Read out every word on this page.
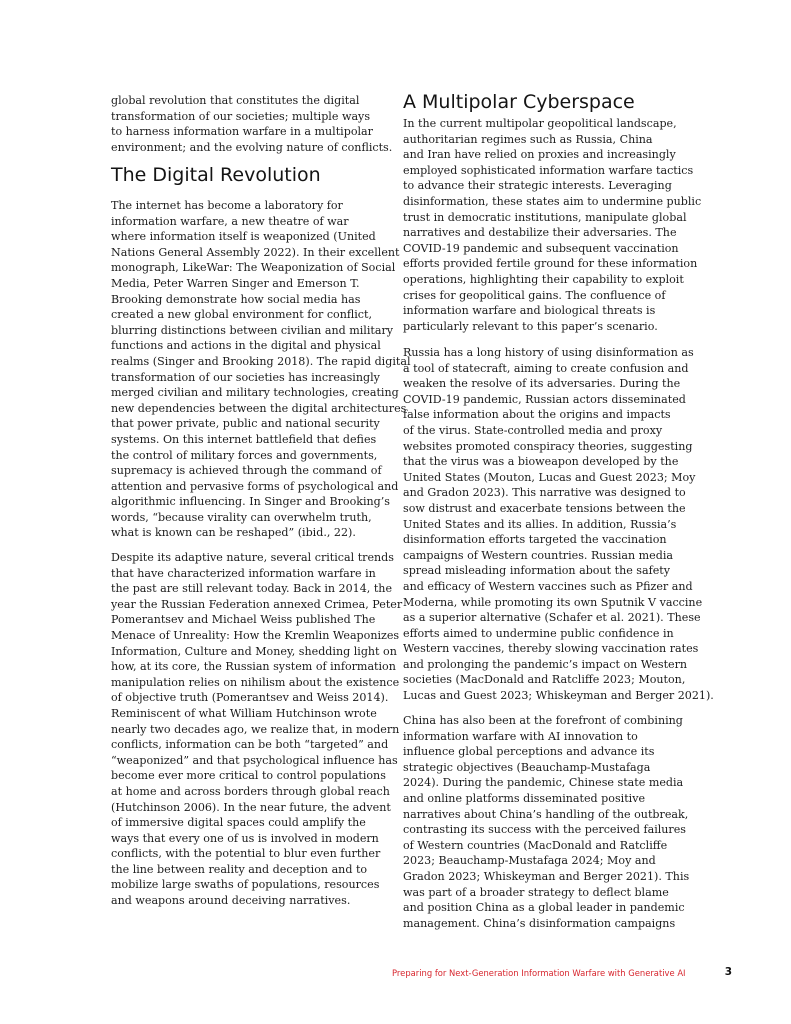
global revolution that constitutes the digital
transformation of our societies; multiple ways
to harness information warfare in a multipolar
environment; and the evolving nature of conflicts.

The Digital Revolution

The internet has become a laboratory for
information warfare, a new theatre of war
where information itself is weaponized (United
Nations General Assembly 2022). In their excellent
monograph, LikeWar: The Weaponization of Social
Media, Peter Warren Singer and Emerson T.
Brooking demonstrate how social media has
created a new global environment for conflict,
blurring distinctions between civilian and military
functions and actions in the digital and physical
realms (Singer and Brooking 2018). The rapid digital
transformation of our societies has increasingly
merged civilian and military technologies, creating
new dependencies between the digital architectures
that power private, public and national security
systems. On this internet battlefield that defies
the control of military forces and governments,
supremacy is achieved through the command of
attention and pervasive forms of psychological and
algorithmic influencing. In Singer and Brooking’s
words, “because virality can overwhelm truth,
what is known can be reshaped” (ibid., 22).

Despite its adaptive nature, several critical trends
that have characterized information warfare in
the past are still relevant today. Back in 2014, the
year the Russian Federation annexed Crimea, Peter
Pomerantsev and Michael Weiss published The
Menace of Unreality: How the Kremlin Weaponizes
Information, Culture and Money, shedding light on
how, at its core, the Russian system of information
manipulation relies on nihilism about the existence
of objective truth (Pomerantsev and Weiss 2014).
Reminiscent of what William Hutchinson wrote
nearly two decades ago, we realize that, in modern
conflicts, information can be both “targeted” and
“weaponized” and that psychological influence has
become ever more critical to control populations
at home and across borders through global reach
(Hutchinson 2006). In the near future, the advent
of immersive digital spaces could amplify the
ways that every one of us is involved in modern
conflicts, with the potential to blur even further
the line between reality and deception and to
mobilize large swaths of populations, resources
and weapons around deceiving narratives.

A Multipolar Cyberspace

In the current multipolar geopolitical landscape,
authoritarian regimes such as Russia, China
and Iran have relied on proxies and increasingly
employed sophisticated information warfare tactics
to advance their strategic interests. Leveraging
disinformation, these states aim to undermine public
trust in democratic institutions, manipulate global
narratives and destabilize their adversaries. The
COVID-19 pandemic and subsequent vaccination
efforts provided fertile ground for these information
operations, highlighting their capability to exploit
crises for geopolitical gains. The confluence of
information warfare and biological threats is
particularly relevant to this paper’s scenario.

Russia has a long history of using disinformation as
a tool of statecraft, aiming to create confusion and
weaken the resolve of its adversaries. During the
COVID-19 pandemic, Russian actors disseminated
false information about the origins and impacts
of the virus. State-controlled media and proxy
websites promoted conspiracy theories, suggesting
that the virus was a bioweapon developed by the
United States (Mouton, Lucas and Guest 2023; Moy
and Gradon 2023). This narrative was designed to
sow distrust and exacerbate tensions between the
United States and its allies. In addition, Russia’s
disinformation efforts targeted the vaccination
campaigns of Western countries. Russian media
spread misleading information about the safety
and efficacy of Western vaccines such as Pfizer and
Moderna, while promoting its own Sputnik V vaccine
as a superior alternative (Schafer et al. 2021). These
efforts aimed to undermine public confidence in
Western vaccines, thereby slowing vaccination rates
and prolonging the pandemic’s impact on Western
societies (MacDonald and Ratcliffe 2023; Mouton,
Lucas and Guest 2023; Whiskeyman and Berger 2021).

China has also been at the forefront of combining
information warfare with AI innovation to
influence global perceptions and advance its
strategic objectives (Beauchamp-Mustafaga
2024). During the pandemic, Chinese state media
and online platforms disseminated positive
narratives about China’s handling of the outbreak,
contrasting its success with the perceived failures
of Western countries (MacDonald and Ratcliffe
2023; Beauchamp-Mustafaga 2024; Moy and
Gradon 2023; Whiskeyman and Berger 2021). This
was part of a broader strategy to deflect blame
and position China as a global leader in pandemic
management. China’s disinformation campaigns

Preparing for Next-Generation Information Warfare with Generative AI	3
